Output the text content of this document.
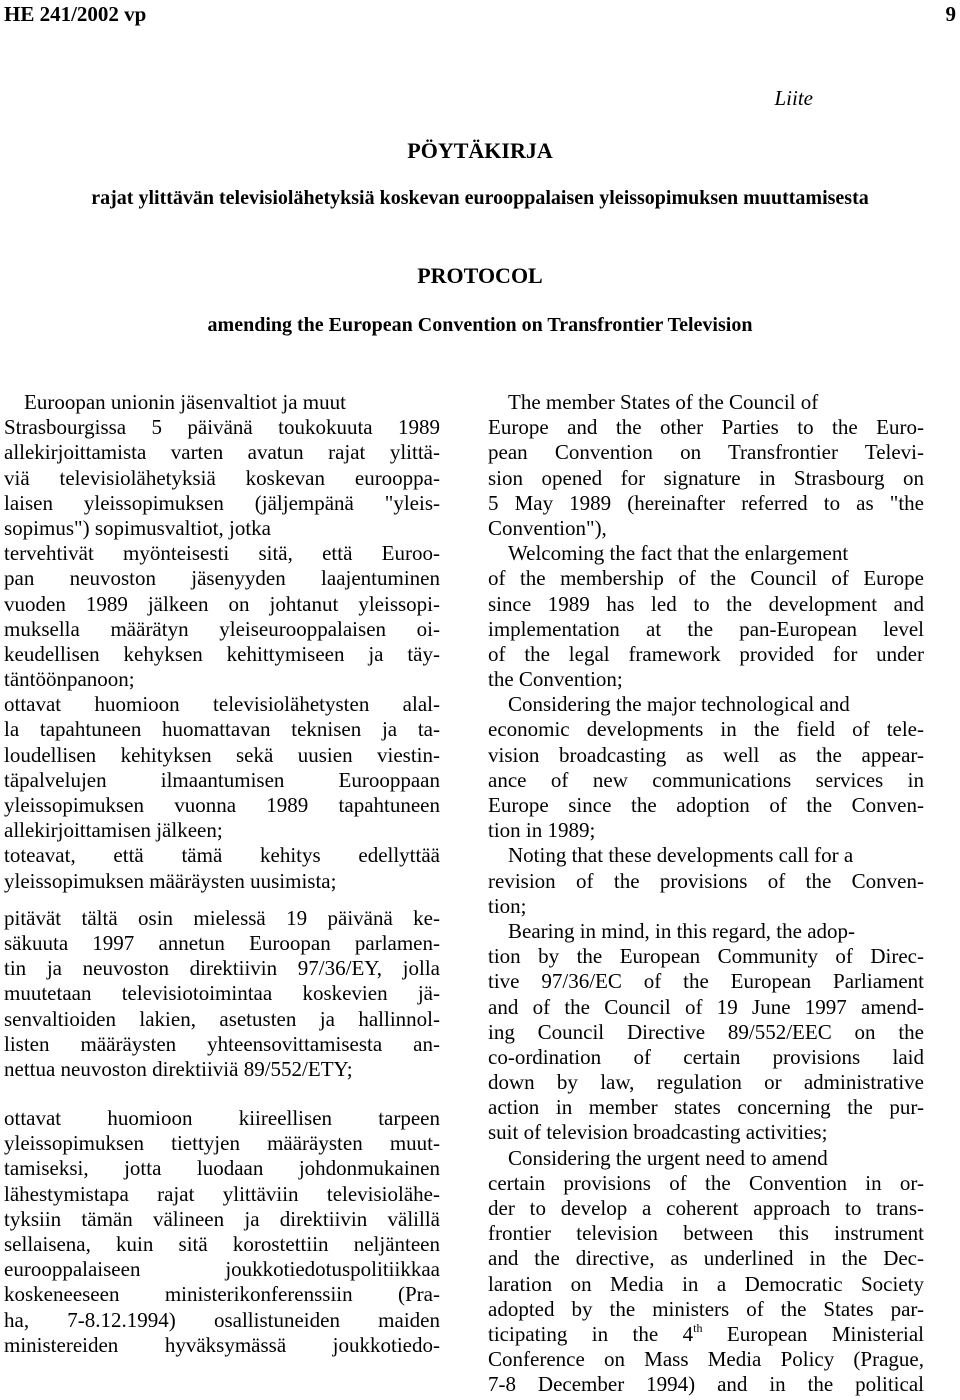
HE 241/2002 vp	9
Liite
PÖYTÄKIRJA
rajat ylittävän televisiolähetyksiä koskevan eurooppalaisen yleissopimuksen muuttamisesta
PROTOCOL
amending the European Convention on Transfrontier Television
Euroopan unionin jäsenvaltiot ja muut
Strasbourgissa 5 päivänä toukokuuta 1989
allekirjoittamista varten avatun rajat ylittä-
viä televisiolähetyksiä koskevan eurooppa-
laisen yleissopimuksen (jäljempänä "yleis-
sopimus") sopimusvaltiot, jotka
tervehtivät myönteisesti sitä, että Euroo-
pan neuvoston jäsenyyden laajentuminen
vuoden 1989 jälkeen on johtanut yleissopi-
muksella määrätyn yleiseurooppalaisen oi-
keudellisen kehyksen kehittymiseen ja täy-
täntöönpanoon;
ottavat huomioon televisiolähetysten alal-
la tapahtuneen huomattavan teknisen ja ta-
loudellisen kehityksen sekä uusien viestin-
täpalvelujen ilmaantumisen Eurooppaan
yleissopimuksen vuonna 1989 tapahtuneen
allekirjoittamisen jälkeen;
toteavat, että tämä kehitys edellyttää
yleissopimuksen määräysten uusimista;
pitävät tältä osin mielessä 19 päivänä ke-
säkuuta 1997 annetun Euroopan parlamen-
tin ja neuvoston direktiivin 97/36/EY, jolla
muutetaan televisiotoimintaa koskevien jä-
senvaltioiden lakien, asetusten ja hallinnol-
listen määräysten yhteensovittamisesta an-
nettua neuvoston direktiiviä 89/552/ETY;
ottavat huomioon kiireellisen tarpeen
yleissopimuksen tiettyjen määräysten muut-
tamiseksi, jotta luodaan johdonmukainen
lähestymistapa rajat ylittäviin televisiolähe-
tyksiin tämän välineen ja direktiivin välillä
sellaisena, kuin sitä korostettiin neljänteen
eurooppalaiseen joukkotiedotuspolitiikkaa
koskeneeseen ministerikonferenssiin (Pra-
ha, 7-8.12.1994) osallistuneiden maiden
ministereiden hyväksymässä joukkotiedo-
The member States of the Council of
Europe and the other Parties to the Euro-
pean Convention on Transfrontier Televi-
sion opened for signature in Strasbourg on
5 May 1989 (hereinafter referred to as "the
Convention"),
Welcoming the fact that the enlargement
of the membership of the Council of Europe
since 1989 has led to the development and
implementation at the pan-European level
of the legal framework provided for under
the Convention;
Considering the major technological and
economic developments in the field of tele-
vision broadcasting as well as the appear-
ance of new communications services in
Europe since the adoption of the Conven-
tion in 1989;
Noting that these developments call for a
revision of the provisions of the Conven-
tion;
Bearing in mind, in this regard, the adop-
tion by the European Community of Direc-
tive 97/36/EC of the European Parliament
and of the Council of 19 June 1997 amend-
ing Council Directive 89/552/EEC on the
co-ordination of certain provisions laid
down by law, regulation or administrative
action in member states concerning the pur-
suit of television broadcasting activities;
Considering the urgent need to amend
certain provisions of the Convention in or-
der to develop a coherent approach to trans-
frontier television between this instrument
and the directive, as underlined in the Dec-
laration on Media in a Democratic Society
adopted by the ministers of the States par-
ticipating in the 4th European Ministerial
Conference on Mass Media Policy (Prague,
7-8 December 1994) and in the political
